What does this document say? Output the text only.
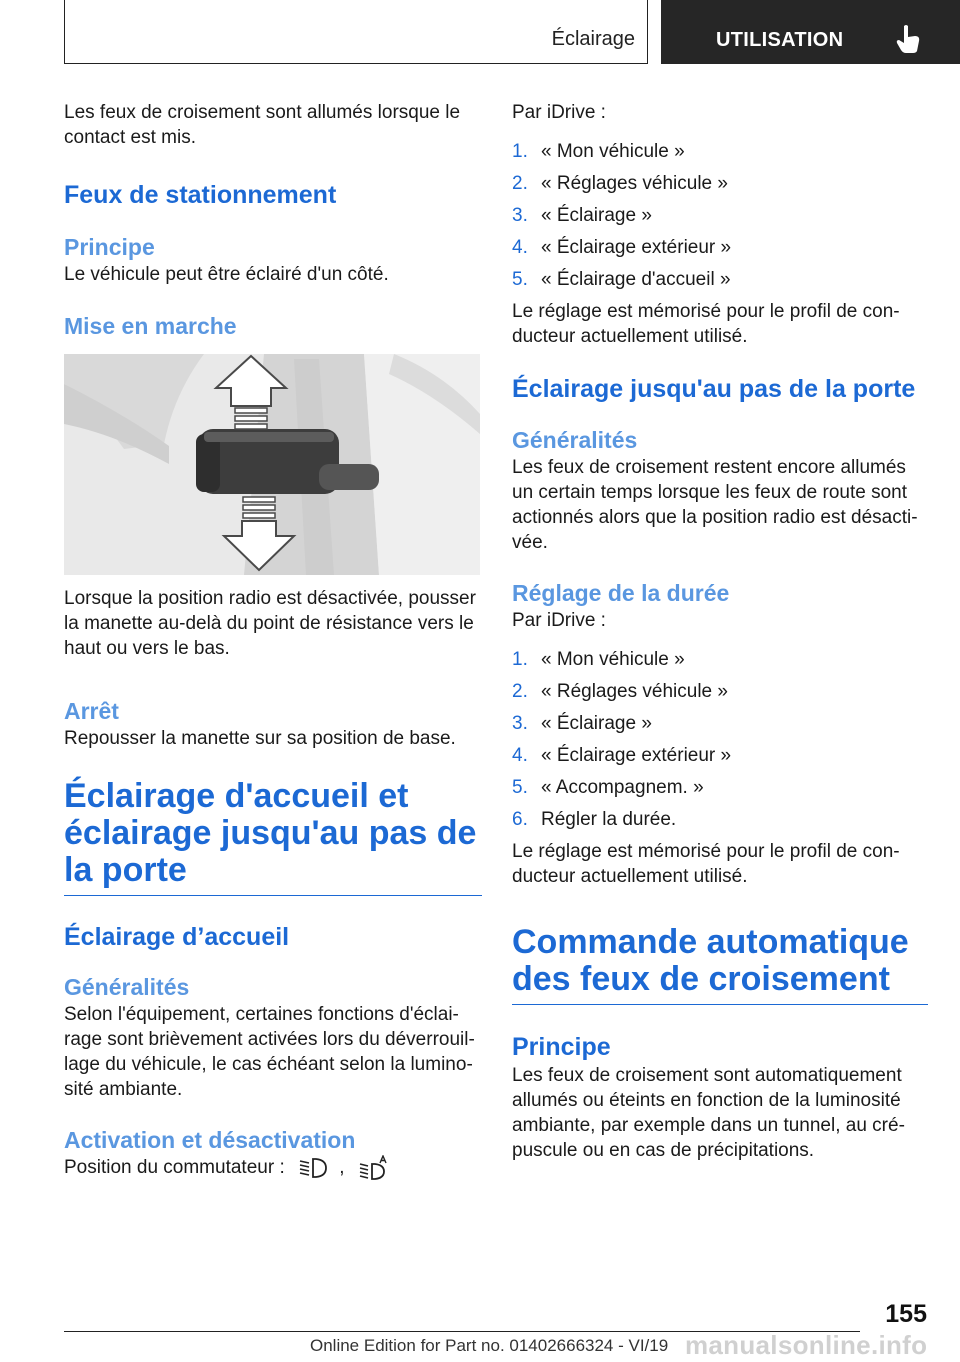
Éclairage	UTILISATION

Les feux de croisement sont allumés lorsque le contact est mis.

Feux de stationnement
Principe

Le véhicule peut être éclairé d'un côté.

Mise en marche

Lorsque la position radio est désactivée, pousser la manette au-delà du point de résistance vers le haut ou vers le bas.

Arrêt

Repousser la manette sur sa position de base.

Éclairage d'accueil et éclairage jusqu'au pas de la porte
Éclairage d’accueil
Généralités

Selon l'équipement, certaines fonctions d'éclairage sont brièvement activées lors du déverrouillage du véhicule, le cas échéant selon la luminosité ambiante.

Activation et désactivation

Position du commutateur :	,

Par iDrive :

1. « Mon véhicule »
2. « Réglages véhicule »
3. « Éclairage »
4. « Éclairage extérieur »
5. « Éclairage d'accueil »

Le réglage est mémorisé pour le profil de conducteur actuellement utilisé.

Éclairage jusqu'au pas de la porte
Généralités

Les feux de croisement restent encore allumés un certain temps lorsque les feux de route sont actionnés alors que la position radio est désactivée.

Réglage de la durée

Par iDrive :

1. « Mon véhicule »
2. « Réglages véhicule »
3. « Éclairage »
4. « Éclairage extérieur »
5. « Accompagnem. »
6. Régler la durée.

Le réglage est mémorisé pour le profil de conducteur actuellement utilisé.

Commande automatique des feux de croisement
Principe

Les feux de croisement sont automatiquement allumés ou éteints en fonction de la luminosité ambiante, par exemple dans un tunnel, au crépuscule ou en cas de précipitations.

155
Online Edition for Part no. 01402666324 - VI/19 manualsonline.info
